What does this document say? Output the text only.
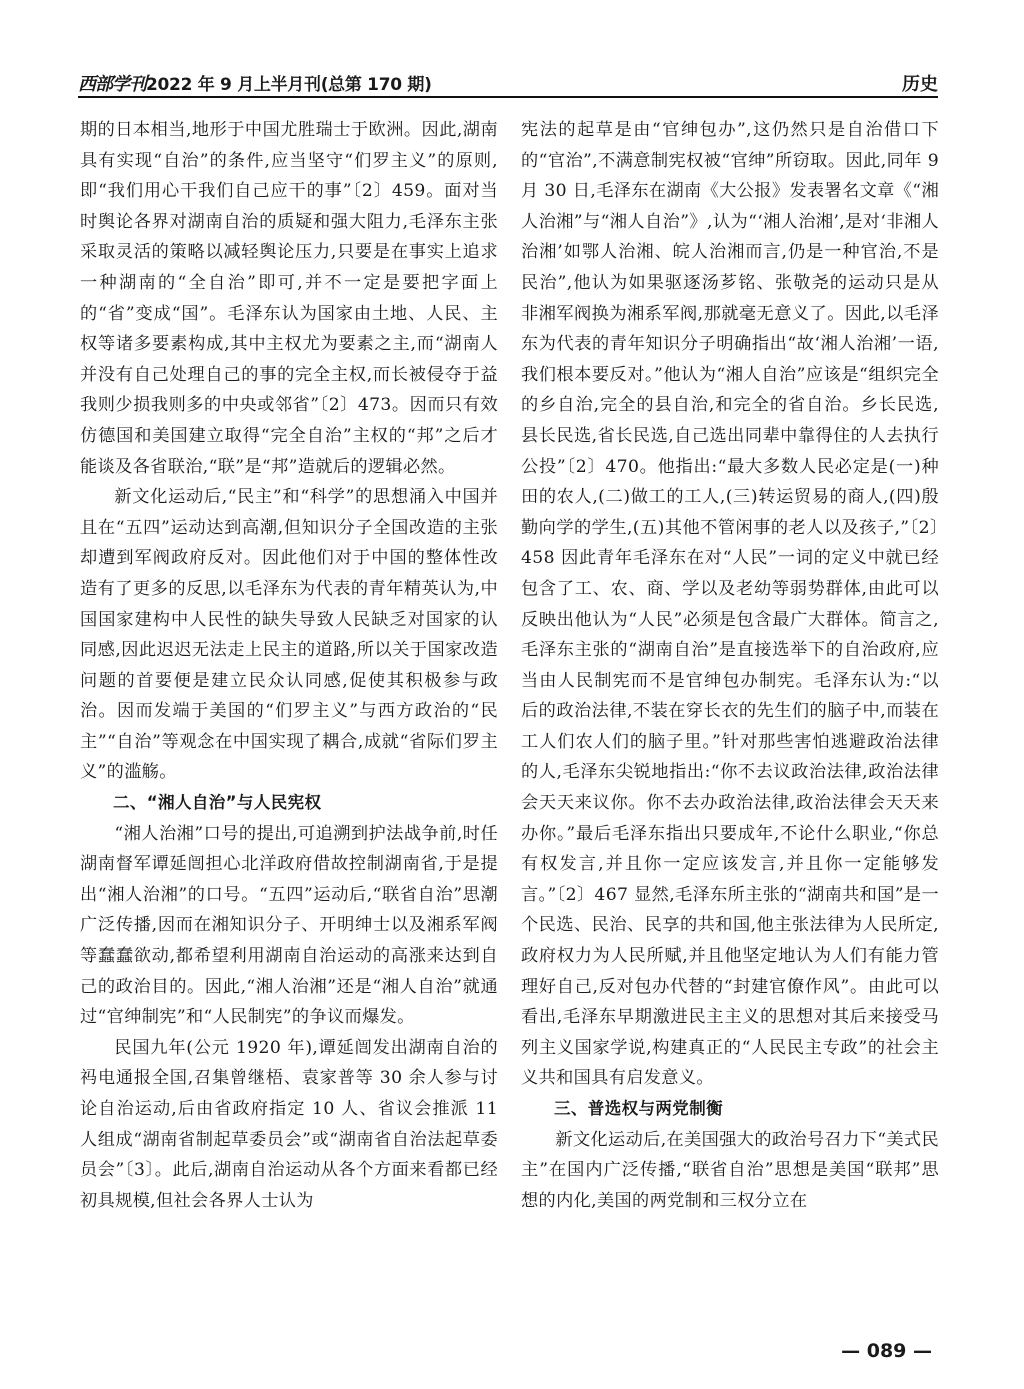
西部学刊2022 年 9 月上半月刊(总第 170 期)	历史

期的日本相当,地形于中国尤胜瑞士于欧洲。因此,湖南具有实现“自治”的条件,应当坚守“们罗主义”的原则,即“我们用心干我们自己应干的事”〔2〕459。面对当时舆论各界对湖南自治的质疑和强大阻力,毛泽东主张采取灵活的策略以减轻舆论压力,只要是在事实上追求一种湖南的“全自治”即可,并不一定是要把字面上的“省”变成“国”。毛泽东认为国家由土地、人民、主权等诸多要素构成,其中主权尤为要素之主,而“湖南人并没有自己处理自己的事的完全主权,而长被侵夺于益我则少损我则多的中央或邻省”〔2〕473。因而只有效仿德国和美国建立取得“完全自治”主权的“邦”之后才能谈及各省联治,“联”是“邦”造就后的逻辑必然。

新文化运动后,“民主”和“科学”的思想涌入中国并且在“五四”运动达到高潮,但知识分子全国改造的主张却遭到军阀政府反对。因此他们对于中国的整体性改造有了更多的反思,以毛泽东为代表的青年精英认为,中国国家建构中人民性的缺失导致人民缺乏对国家的认同感,因此迟迟无法走上民主的道路,所以关于国家改造问题的首要便是建立民众认同感,促使其积极参与政治。因而发端于美国的“们罗主义”与西方政治的“民主”“自治”等观念在中国实现了耦合,成就“省际们罗主义”的滥觞。

二、“湘人自治”与人民宪权

“湘人治湘”口号的提出,可追溯到护法战争前,时任湖南督军谭延闿担心北洋政府借故控制湖南省,于是提出“湘人治湘”的口号。“五四”运动后,“联省自治”思潮广泛传播,因而在湘知识分子、开明绅士以及湘系军阀等蠢蠢欲动,都希望利用湖南自治运动的高涨来达到自己的政治目的。因此,“湘人治湘”还是“湘人自治”就通过“官绅制宪”和“人民制宪”的争议而爆发。

民国九年(公元 1920 年),谭延闿发出湖南自治的祃电通报全国,召集曾继梧、袁家普等 30 余人参与讨论自治运动,后由省政府指定 10 人、省议会推派 11 人组成“湖南省制起草委员会”或“湖南省自治法起草委员会”〔3〕。此后,湖南自治运动从各个方面来看都已经初具规模,但社会各界人士认为

宪法的起草是由“官绅包办”,这仍然只是自治借口下的“官治”,不满意制宪权被“官绅”所窃取。因此,同年 9 月 30 日,毛泽东在湖南《大公报》发表署名文章《“湘人治湘”与“湘人自治”》,认为“‘湘人治湘’,是对‘非湘人治湘’如鄂人治湘、皖人治湘而言,仍是一种官治,不是民治”,他认为如果驱逐汤芗铭、张敬尧的运动只是从非湘军阀换为湘系军阀,那就毫无意义了。因此,以毛泽东为代表的青年知识分子明确指出“故‘湘人治湘’一语,我们根本要反对。”他认为“湘人自治”应该是“组织完全的乡自治,完全的县自治,和完全的省自治。乡长民选,县长民选,省长民选,自己选出同辈中靠得住的人去执行公投”〔2〕470。他指出:“最大多数人民必定是(一)种田的农人,(二)做工的工人,(三)转运贸易的商人,(四)殷勤向学的学生,(五)其他不管闲事的老人以及孩子,”〔2〕458 因此青年毛泽东在对“人民”一词的定义中就已经包含了工、农、商、学以及老幼等弱势群体,由此可以反映出他认为“人民”必须是包含最广大群体。简言之,毛泽东主张的“湖南自治”是直接选举下的自治政府,应当由人民制宪而不是官绅包办制宪。毛泽东认为:“以后的政治法律,不装在穿长衣的先生们的脑子中,而装在工人们农人们的脑子里。”针对那些害怕逃避政治法律的人,毛泽东尖锐地指出:“你不去议政治法律,政治法律会天天来议你。你不去办政治法律,政治法律会天天来办你。”最后毛泽东指出只要成年,不论什么职业,“你总有权发言,并且你一定应该发言,并且你一定能够发言。”〔2〕467 显然,毛泽东所主张的“湖南共和国”是一个民选、民治、民享的共和国,他主张法律为人民所定,政府权力为人民所赋,并且他坚定地认为人们有能力管理好自己,反对包办代替的“封建官僚作风”。由此可以看出,毛泽东早期激进民主主义的思想对其后来接受马列主义国家学说,构建真正的“人民民主专政”的社会主义共和国具有启发意义。

三、普选权与两党制衡

新文化运动后,在美国强大的政治号召力下“美式民主”在国内广泛传播,“联省自治”思想是美国“联邦”思想的内化,美国的两党制和三权分立在

— 089 —
